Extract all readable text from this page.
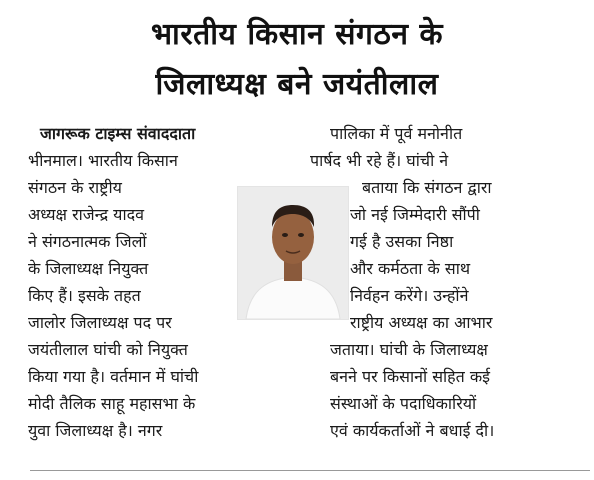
भारतीय किसान संगठन के
जिलाध्यक्ष बने जयंतीलाल
जागरूक टाइम्स संवाददाता
भीनमाल। भारतीय किसान
संगठन के राष्ट्रीय
अध्यक्ष राजेन्द्र यादव
ने संगठनात्मक जिलों
के जिलाध्यक्ष नियुक्त
किए हैं। इसके तहत
जालोर जिलाध्यक्ष पद पर
जयंतीलाल घांची को नियुक्त
किया गया है। वर्तमान में घांची
मोदी तैलिक साहू महासभा के
युवा जिलाध्यक्ष है। नगर
पालिका में पूर्व मनोनीत
पार्षद भी रहे हैं। घांची ने
बताया कि संगठन द्वारा
जो नई जिम्मेदारी सौंपी
गई है उसका निष्ठा
और कर्मठता के साथ
निर्वहन करेंगे। उन्होंने
राष्ट्रीय अध्यक्ष का आभार
जताया। घांची के जिलाध्यक्ष
बनने पर किसानों सहित कई
संस्थाओं के पदाधिकारियों
एवं कार्यकर्ताओं ने बधाई दी।
